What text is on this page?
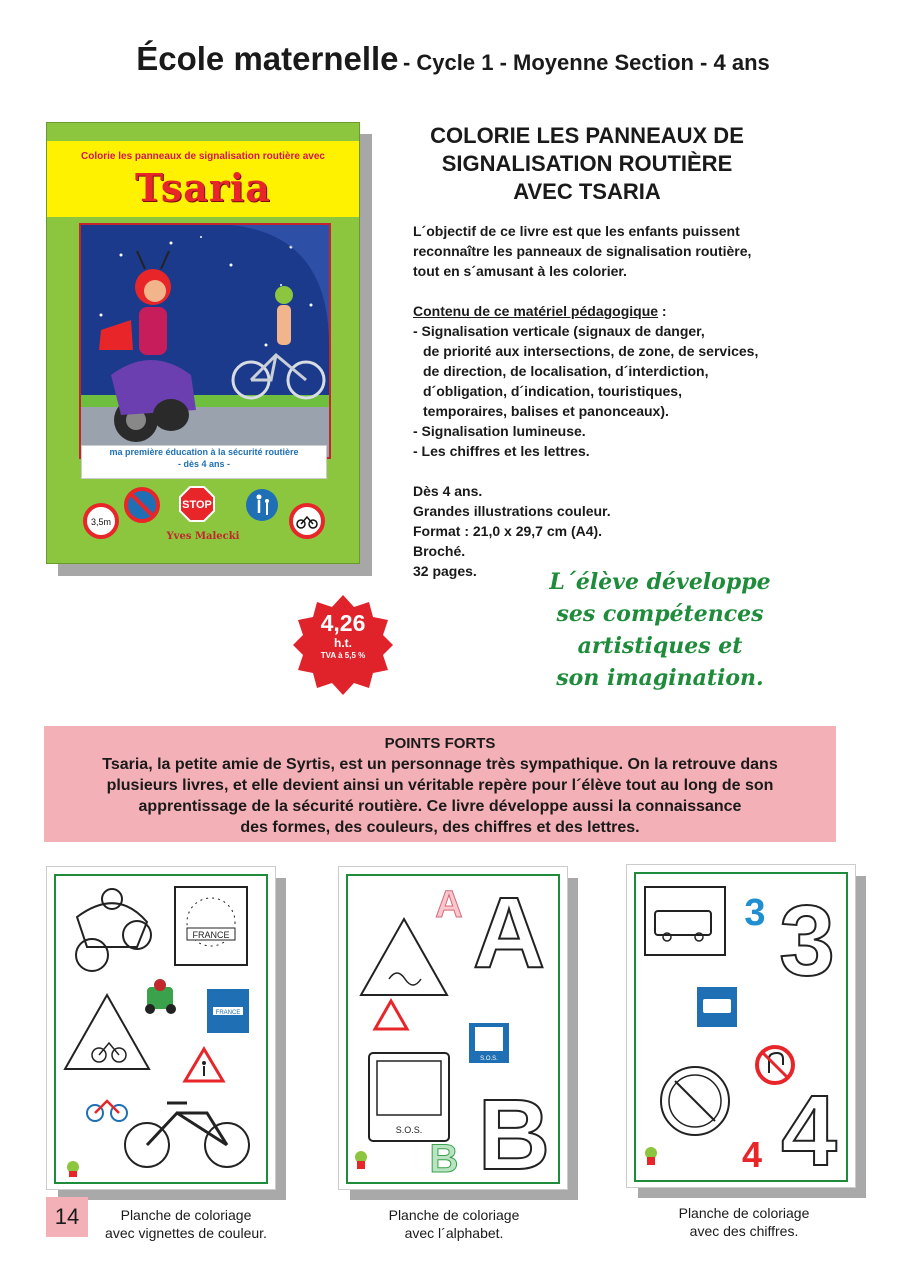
École maternelle - Cycle 1 - Moyenne Section - 4 ans
Colorie les panneaux de signalisation routière avec
Tsaria
ma première éducation à la sécurité routière
- dès 4 ans -
3,5m
STOP
Yves Malecki
COLORIE LES PANNEAUX DE
SIGNALISATION ROUTIÈRE
AVEC TSARIA
L´objectif de ce livre est que les enfants puissent
reconnaître les panneaux de signalisation routière,
tout en s´amusant à les colorier.
Contenu de ce matériel pédagogique :
- Signalisation verticale (signaux de danger,
de priorité aux intersections, de zone, de services,
de direction, de localisation, d´interdiction,
d´obligation, d´indication, touristiques,
temporaires, balises et panonceaux).
- Signalisation lumineuse.
- Les chiffres et les lettres.
Dès 4 ans.
Grandes illustrations couleur.
Format : 21,0 x 29,7 cm (A4).
Broché.
32 pages.
4,26
h.t.
TVA à 5,5 %
L´élève développe
ses compétences
artistiques et
son imagination.
POINTS FORTS
Tsaria, la petite amie de Syrtis, est un personnage très sympathique. On la retrouve dans
plusieurs livres, et elle devient ainsi un véritable repère pour l´élève tout au long de son
apprentissage de la sécurité routière. Ce livre développe aussi la connaissance
des formes, des couleurs, des chiffres et des lettres.
FRANCE
FRANCE
Planche de coloriage
avec vignettes de couleur.
A A
S.O.S.
S.O.S.
B B
Planche de coloriage
avec l´alphabet.
3 3
4 4
Planche de coloriage
avec des chiffres.
14
